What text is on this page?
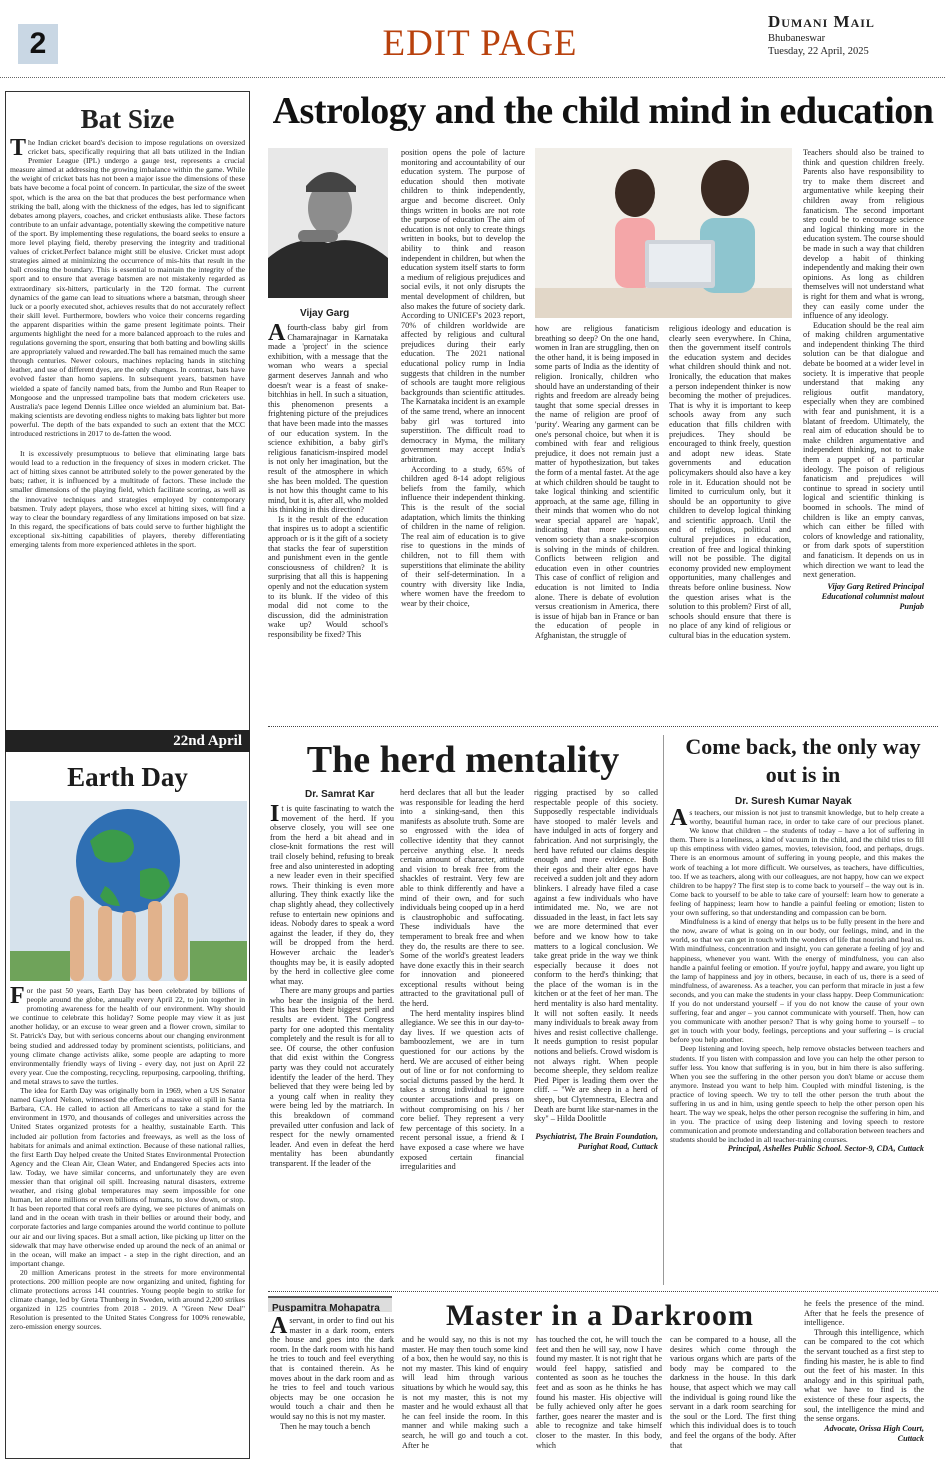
2	EDIT PAGE
Dumani Mail
Bhubaneswar
Tuesday, 22 April, 2025
Bat Size

The Indian cricket board's decision to impose regulations on oversized cricket bats, specifically requiring that all bats utilized in the Indian Premier League (IPL) undergo a gauge test, represents a crucial measure aimed at addressing the growing imbalance within the game. While the weight of cricket bats has not been a major issue the dimensions of these bats have become a focal point of concern. In particular, the size of the sweet spot, which is the area on the bat that produces the best performance when striking the ball, along with the thickness of the edges, has led to significant debates among players, coaches, and cricket enthusiasts alike. These factors contribute to an unfair advantage, potentially skewing the competitive nature of the sport. By implementing these regulations, the board seeks to ensure a more level playing field, thereby preserving the integrity and traditional values of cricket.Perfect balance might still be elusive. Cricket must adopt strategies aimed at minimizing the occurrence of mis-hits that result in the ball crossing the boundary. This is essential to maintain the integrity of the sport and to ensure that average batsmen are not mistakenly regarded as extraordinary six-hitters, particularly in the T20 format. The current dynamics of the game can lead to situations where a batsman, through sheer luck or a poorly executed shot, achieves results that do not accurately reflect their skill level. Furthermore, bowlers who voice their concerns regarding the apparent disparities within the game present legitimate points. Their arguments highlight the need for a more balanced approach to the rules and regulations governing the sport, ensuring that both batting and bowling skills are appropriately valued and rewarded.The ball has remained much the same through centuries. Newer colours, machines replacing hands in stitching leather, and use of different dyes, are the only changes. In contrast, bats have evolved faster than homo sapiens. In subsequent years, batsmen have wielded a spate of fancily named bats, from the Jumbo and Run Reaper to Mongoose and the unpressed trampoline bats that modern cricketers use. Australia's pace legend Dennis Lillee once wielded an aluminium bat. Bat-making scientists are devoting endless nights to making bats lighter but more powerful. The depth of the bats expanded to such an extent that the MCC introduced restrictions in 2017 to de-fatten the wood.

It is excessively presumptuous to believe that eliminating large bats would lead to a reduction in the frequency of sixes in modern cricket. The act of hitting sixes cannot be attributed solely to the power generated by the bats; rather, it is influenced by a multitude of factors. These include the smaller dimensions of the playing field, which facilitate scoring, as well as the innovative techniques and strategies employed by contemporary batsmen. Truly adept players, those who excel at hitting sixes, will find a way to clear the boundary regardless of any limitations imposed on bat size. In this regard, the specifications of bats could serve to further highlight the exceptional six-hitting capabilities of players, thereby differentiating emerging talents from more experienced athletes in the sport.

22nd April
Earth Day

For the past 50 years, Earth Day has been celebrated by billions of people around the globe, annually every April 22, to join together in promoting awareness for the health of our environment. Why should we continue to celebrate this holiday? Some people may view it as just another holiday, or an excuse to wear green and a flower crown, similar to St. Patrick's Day, but with serious concerns about our changing environment being studied and addressed today by prominent scientists, politicians, and young climate change activists alike, some people are adapting to more environmentally friendly ways of living - every day, not just on April 22 every year. Cue the composting, recycling, repurposing, carpooling, thrifting, and metal straws to save the turtles.

The idea for Earth Day was originally born in 1969, when a US Senator named Gaylord Nelson, witnessed the effects of a massive oil spill in Santa Barbara, CA. He called to action all Americans to take a stand for the environment in 1970, and thousands of colleges and universities across the United States organized protests for a healthy, sustainable Earth. This included air pollution from factories and freeways, as well as the loss of habitats for animals and animal extinction. Because of these national rallies, the first Earth Day helped create the United States Environmental Protection Agency and the Clean Air, Clean Water, and Endangered Species acts into law. Today, we have similar concerns, and unfortunately they are even messier than that original oil spill. Increasing natural disasters, extreme weather, and rising global temperatures may seem impossible for one human, let alone millions or even billions of humans, to slow down, or stop. It has been reported that coral reefs are dying, we see pictures of animals on land and in the ocean with trash in their bellies or around their body, and corporate factories and large companies around the world continue to pollute our air and our living spaces. But a small action, like picking up litter on the sidewalk that may have otherwise ended up around the neck of an animal or in the ocean, will make an impact - a step in the right direction, and an important change.

20 million Americans protest in the streets for more environmental protections. 200 million people are now organizing and united, fighting for climate protections across 141 countries. Young people begin to strike for climate change, led by Greta Thunberg in Sweden, with around 2,200 strikes organized in 125 countries from 2018 - 2019. A "Green New Deal" Resolution is presented to the United States Congress for 100% renewable, zero-emission energy sources.

Astrology and the child mind in education
Vijay Garg

Afourth-class baby girl from Chamarajnagar in Karnataka made a 'project' in the science exhibition, with a message that the woman who wears a special garment deserves Jannah and who doesn't wear is a feast of snake-bitchhias in hell. In such a situation, this phenomenon presents a frightening picture of the prejudices that have been made into the masses of our education system. In the science exhibition, a baby girl's religious fanaticism-inspired model is not only her imagination, but the result of the atmosphere in which she has been molded. The question is not how this thought came to his mind, but it is, after all, who molded his thinking in this direction?

Is it the result of the education that inspires us to adopt a scientific approach or is it the gift of a society that stacks the fear of superstition and punishment even in the gentle consciousness of children? It is surprising that all this is happening openly and not the education system to its blunk. If the video of this modal did not come to the discussion, did the administration wake up? Would school's responsibility be fixed? This

position opens the pole of lacture monitoring and accountability of our education system. The purpose of education should then motivate children to think independently, argue and become discreet. Only things written in books are not rote the purpose of education The aim of education is not only to create things written in books, but to develop the ability to think and reason independent in children, but when the education system itself starts to form a medium of religious prejudices and social evils, it not only disrupts the mental development of children, but also makes the future of society dark. According to UNICEF's 2023 report, 70% of children worldwide are affected by religious and cultural prejudices during their early education. The 2021 national educational policy rump in India suggests that children in the number of schools are taught more religious backgrounds than scientific attitudes. The Karnataka incident is an example of the same trend, where an innocent baby girl was tortured into superstition. The difficult road to democracy in Myma, the military government may accept India's arbitration.

According to a study, 65% of children aged 8-14 adopt religious beliefs from the family, which influence their independent thinking. This is the result of the social adaptation, which limits the thinking of children in the name of religion. The real aim of education is to give rise to questions in the minds of children, not to fill them with superstitions that eliminate the ability of their self-determination. In a country with diversity like India, where women have the freedom to wear by their choice,

how are religious fanaticism breathing so deep? On the one hand, women in Iran are struggling, then on the other hand, it is being imposed in some parts of India as the identity of religion. Ironically, children who should have an understanding of their rights and freedom are already being taught that some special dresses in the name of religion are proof of 'purity'. Wearing any garment can be one's personal choice, but when it is combined with fear and religious prejudice, it does not remain just a matter of hypothesization, but takes the form of a mental fastet. At the age at which children should be taught to take logical thinking and scientific approach, at the same age, filling in their minds that women who do not wear special apparel are 'napak', indicating that more poisonous venom society than a snake-scorpion is solving in the minds of children. Conflicts between religion and education even in other countries This case of conflict of religion and education is not limited to India alone. There is debate of evolution versus creationism in America, there is issue of hijab ban in France or ban the education of people in Afghanistan, the struggle of

religious ideology and education is clearly seen everywhere. In China, then the government itself controls the education system and decides what children should think and not. Ironically, the education that makes a person independent thinker is now becoming the mother of prejudices. That is why it is important to keep schools away from any such education that fills children with prejudices. They should be encouraged to think freely, question and adopt new ideas. State governments and education policymakers should also have a key role in it. Education should not be limited to curriculum only, but it should be an opportunity to give children to develop logical thinking and scientific approach. Until the end of religious, political and cultural prejudices in education, creation of free and logical thinking will not be possible. The digital economy provided new employment opportunities, many challenges and threats before online business. Now the question arises what is the solution to this problem? First of all, schools should ensure that there is no place of any kind of religious or cultural bias in the education system.

Teachers should also be trained to think and question children freely. Parents also have responsibility to try to make them discreet and argumentative while keeping their children away from religious fanaticism. The second important step could be to encourage science and logical thinking more in the education system. The course should be made in such a way that children develop a habit of thinking independently and making their own opinions. As long as children themselves will not understand what is right for them and what is wrong, they can easily come under the influence of any ideology.

Education should be the real aim of making children argumentative and independent thinking The third solution can be that dialogue and debate be boomed at a wider level in society. It is imperative that people understand that making any religious outfit mandatory, especially when they are combined with fear and punishment, it is a blatant of freedom. Ultimately, the real aim of education should be to make children argumentative and independent thinking, not to make them a puppet of a particular ideology. The poison of religious fanaticism and prejudices will continue to spread in society until logical and scientific thinking is boomed in schools. The mind of children is like an empty canvas, which can either be filled with colors of knowledge and rationality, or from dark spots of superstition and fanaticism. It depends on us in which direction we want to lead the next generation.

Vijay Garg Retired Principal Educational columnist malout Punjab

The herd mentality
Dr. Samrat Kar

It is quite fascinating to watch the movement of the herd. If you observe closely, you will see one from the herd a bit ahead and in close-knit formations the rest will trail closely behind, refusing to break free and also uninterested in adopting a new leader even in their specified rows. Their thinking is even more alluring. They think exactly like the chap slightly ahead, they collectively refuse to entertain new opinions and ideas. Nobody dares to speak a word against the leader, if they do, they will be dropped from the herd. However archaic the leader's thoughts may be, it is easily adopted by the herd in collective glee come what may.

There are many groups and parties who bear the insignia of the herd. This has been their biggest peril and results are evident. The Congress party for one adopted this mentality completely and the result is for all to see. Of course, the other confusion that did exist within the Congress party was they could not accurately identify the leader of the herd. They believed that they were being led by a young calf when in reality they were being led by the matriarch. In this breakdown of command prevailed utter confusion and lack of respect for the newly ornamented leader. And even in defeat the herd mentality has been abundantly transparent. If the leader of the

herd declares that all but the leader was responsible for leading the herd into a sinking-sand, then this manifests as absolute truth. Some are so engrossed with the idea of collective identity that they cannot perceive anything else. It needs certain amount of character, attitude and vision to break free from the shackles of restraint. Very few are able to think differently and have a mind of their own, and for such individuals being cooped up in a herd is claustrophobic and suffocating. These individuals have the temperament to break free and when they do, the results are there to see. Some of the world's greatest leaders have done exactly this in their search for innovation and pioneered exceptional results without being attracted to the gravitational pull of the herd.

The herd mentality inspires blind allegiance. We see this in our day-to-day lives. If we question acts of bamboozlement, we are in turn questioned for our actions by the herd. We are accused of either being out of line or for not conforming to social dictums passed by the herd. It takes a strong individual to ignore counter accusations and press on without compromising on his / her core belief. They represent a very few percentage of this society. In a recent personal issue, a friend & I have exposed a case where we have exposed certain financial irregularities and

rigging practised by so called respectable people of this society. Supposedly respectable individuals have stooped to malér levels and have indulged in acts of forgery and fabrication. And not surprisingly, the herd have refuted our claims despite enough and more evidence. Both their egos and their alter egos have received a sudden jolt and they adorn blinkers. I already have filed a case against a few individuals who have intimidated me. No, we are not dissuaded in the least, in fact lets say we are more determined that ever before and we know how to take matters to a logical conclusion. We take great pride in the way we think especially because it does not conform to the herd's thinking; that the place of the woman is in the kitchen or at the feet of her man. The herd mentality is also hard mentality. It will not soften easily. It needs many individuals to break away from hives and resist collective challenge. It needs gumption to resist popular notions and beliefs. Crowd wisdom is not always right. When people become sheeple, they seldom realize Pied Piper is leading them over the cliff. – "We are sheep in a herd of sheep, but Clytemnestra, Electra and Death are burnt like star-names in the sky" – Hilda Doolittle

Psychiatrist, The Brain Foundation, Purighat Road, Cuttack

Come back, the only way out is in
Dr. Suresh Kumar Nayak

As teachers, our mission is not just to transmit knowledge, but to help create a worthy, beautiful human race, in order to take care of our precious planet. We know that children – the students of today – have a lot of suffering in them. There is a loneliness, a kind of vacuum in the child, and the child tries to fill up this emptiness with video games, movies, television, food, and perhaps, drugs. There is an enormous amount of suffering in young people, and this makes the work of teaching a lot more difficult. We ourselves, as teachers, have difficulties, too. If we as teachers, along with our colleagues, are not happy, how can we expect children to be happy? The first step is to come back to yourself – the way out is in. Come back to yourself to be able to take care of yourself: learn how to generate a feeling of happiness; learn how to handle a painful feeling or emotion; listen to your own suffering, so that understanding and compassion can be born.

Mindfulness is a kind of energy that helps us to be fully present in the here and the now, aware of what is going on in our body, our feelings, mind, and in the world, so that we can get in touch with the wonders of life that nourish and heal us. With mindfulness, concentration and insight, you can generate a feeling of joy and happiness, whenever you want. With the energy of mindfulness, you can also handle a painful feeling or emotion. If you're joyful, happy and aware, you light up the lamp of happiness and joy in others, because, in each of us, there is a seed of mindfulness, of awareness. As a teacher, you can perform that miracle in just a few seconds, and you can make the students in your class happy. Deep Communication: If you do not understand yourself – if you do not know the cause of your own suffering, fear and anger – you cannot communicate with yourself. Then, how can you communicate with another person? That is why going home to yourself – to get in touch with your body, feelings, perceptions and your suffering – is crucial before you help another.

Deep listening and loving speech, help remove obstacles between teachers and students. If you listen with compassion and love you can help the other person to suffer less. You know that suffering is in you, but in him there is also suffering. When you see the suffering in the other person you don't blame or accuse them anymore. Instead you want to help him. Coupled with mindful listening, is the practice of loving speech. We try to tell the other person the truth about the suffering in us and in him, using gentle speech to help the other person open his heart. The way we speak, helps the other person recognise the suffering in him, and in you. The practice of using deep listening and loving speech to restore communication and promote understanding and collaboration between teachers and students should be included in all teacher-training courses.

Principal, Ashelles Public School. Sector-9, CDA, Cuttack

Puspamitra Mohapatra	Master in a Darkroom

Aservant, in order to find out his master in a dark room, enters the house and goes into the dark room. In the dark room with his hand he tries to touch and feel everything that is contained therein. As he moves about in the dark room and as he tries to feel and touch various objects may be one occasion he would touch a chair and then he would say no this is not my master.

Then he may touch a bench

and he would say, no this is not my master. He may then touch some kind of a box, then he would say, no this is not my master. This kind of enquiry will lead him through various situations by which he would say, this is not my master, this is not my master and he would exhaust all that he can feel inside the room. In this manner and while making such a search, he will go and touch a cot. After he

has touched the cot, he will touch the feet and then he will say, now I have found my master. It is not right that he would feel happy, satisfied and contented as soon as he touches the feet and as soon as he thinks he has found his master. His objective will be fully achieved only after he goes farther, goes nearer the master and is able to recognize and take himself closer to the master. In this body, which

can be compared to a house, all the desires which come through the various organs which are parts of the body may be compared to the darkness in the house. In this dark house, that aspect which we may call the individual is going round like the servant in a dark room searching for the soul or the Lord. The first thing which this individual does is to touch and feel the organs of the body. After that

he feels the presence of the mind. After that he feels the presence of intelligence.

Through this intelligence, which can be compared to the cot which the servant touched as a first step to finding his master, he is able to find out the feet of his master. In this analogy and in this spiritual path, what we have to find is the existence of these four aspects, the soul, the intelligence the mind and the sense organs.

Advocate, Orissa High Court, Cuttack
